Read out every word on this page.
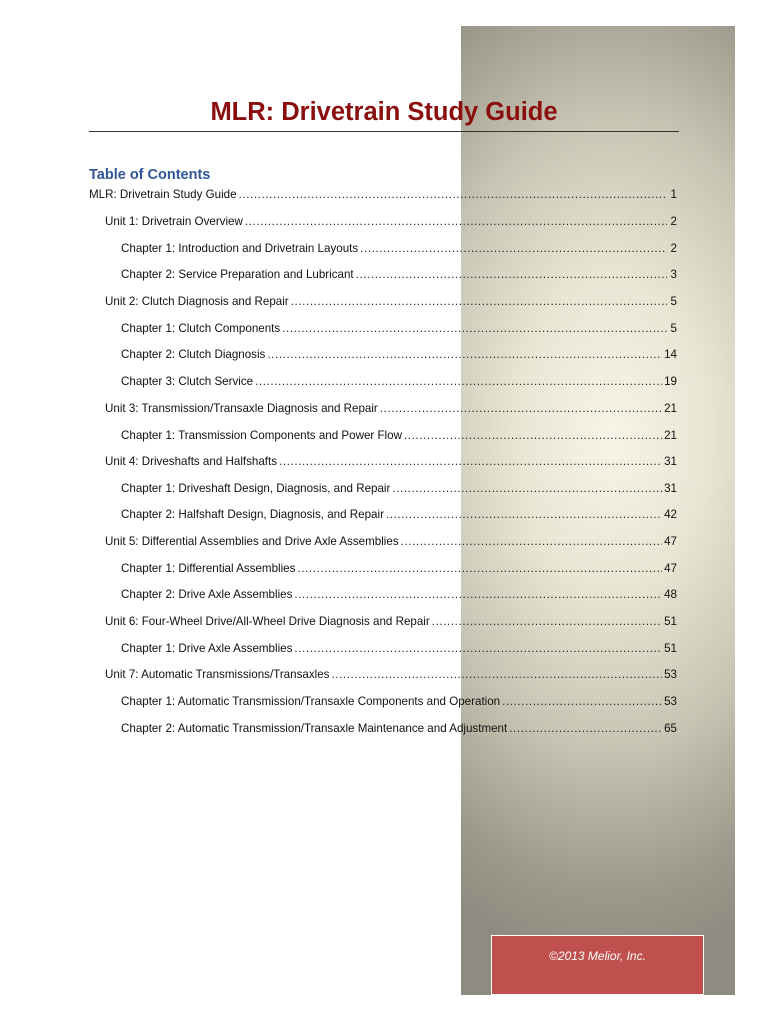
MLR: Drivetrain Study Guide
Table of Contents
MLR: Drivetrain Study Guide .....	1
Unit 1: Drivetrain Overview .....	2
Chapter 1: Introduction and Drivetrain Layouts .....	2
Chapter 2: Service Preparation and Lubricant .....	3
Unit 2: Clutch Diagnosis and Repair .....	5
Chapter 1: Clutch Components .....	5
Chapter 2: Clutch Diagnosis .....	14
Chapter 3: Clutch Service .....	19
Unit 3: Transmission/Transaxle Diagnosis and Repair .....	21
Chapter 1: Transmission Components and Power Flow .....	21
Unit 4: Driveshafts and Halfshafts .....	31
Chapter 1: Driveshaft Design, Diagnosis, and Repair .....	31
Chapter 2: Halfshaft Design, Diagnosis, and Repair .....	42
Unit 5: Differential Assemblies and Drive Axle Assemblies .....	47
Chapter 1: Differential Assemblies .....	47
Chapter 2: Drive Axle Assemblies .....	48
Unit 6: Four-Wheel Drive/All-Wheel Drive Diagnosis and Repair .....	51
Chapter 1: Drive Axle Assemblies .....	51
Unit 7: Automatic Transmissions/Transaxles .....	53
Chapter 1: Automatic Transmission/Transaxle Components and Operation .....	53
Chapter 2: Automatic Transmission/Transaxle Maintenance and Adjustment .....	65
©2013 Melior, Inc.
